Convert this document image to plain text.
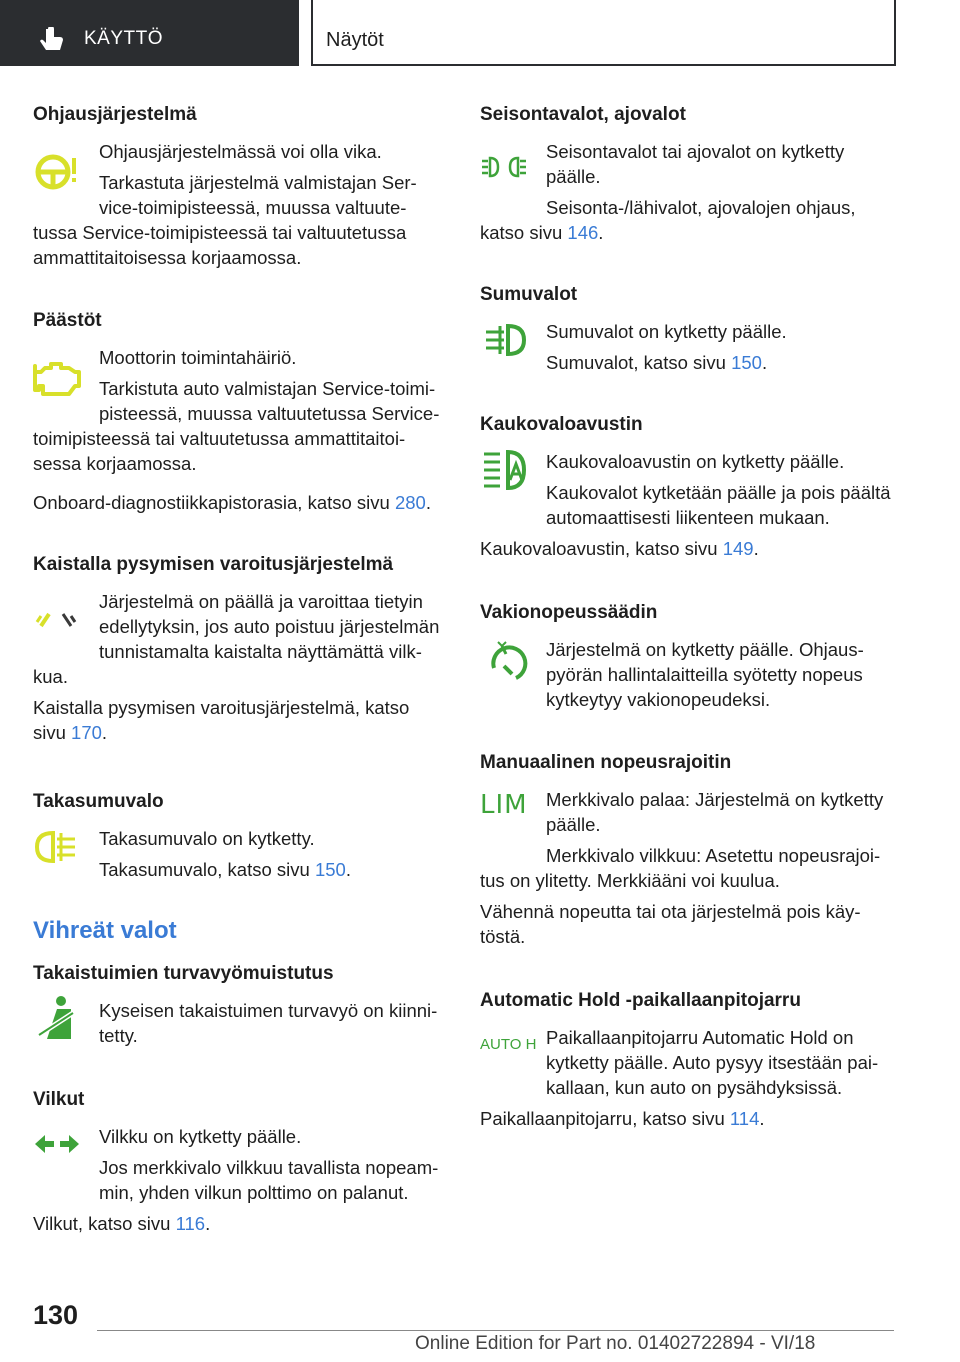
KÄYTTÖ	Näytöt
Ohjausjärjestelmä
Ohjausjärjestelmässä voi olla vika.
Tarkastuta järjestelmä valmistajan Ser‐
vice-toimipisteessä, muussa valtuute‐
tussa Service-toimipisteessä tai valtuutetussa
ammattitaitoisessa korjaamossa.
Päästöt
Moottorin toimintahäiriö.
Tarkistuta auto valmistajan Service-toimi‐
pisteessä, muussa valtuutetussa Service-
toimipisteessä tai valtuutetussa ammattitaitoi‐
sessa korjaamossa.
Onboard-diagnostiikkapistorasia, katso sivu 280.
Kaistalla pysymisen varoitusjärjestelmä
Järjestelmä on päällä ja varoittaa tietyin
edellytyksin, jos auto poistuu järjestelmän
tunnistamalta kaistalta näyttämättä vilk‐
kua.
Kaistalla pysymisen varoitusjärjestelmä, katso
sivu 170.
Takasumuvalo
Takasumuvalo on kytketty.
Takasumuvalo, katso sivu 150.
Vihreät valot
Takaistuimien turvavyömuistutus
Kyseisen takaistuimen turvavyö on kiinni‐
tetty.
Vilkut
Vilkku on kytketty päälle.
Jos merkkivalo vilkkuu tavallista nopeam‐
min, yhden vilkun polttimo on palanut.
Vilkut, katso sivu 116.
Seisontavalot, ajovalot
Seisontavalot tai ajovalot on kytketty
päälle.
Seisonta-/lähivalot, ajovalojen ohjaus,
katso sivu 146.
Sumuvalot
Sumuvalot on kytketty päälle.
Sumuvalot, katso sivu 150.
Kaukovaloavustin
Kaukovaloavustin on kytketty päälle.
Kaukovalot kytketään päälle ja pois päältä
automaattisesti liikenteen mukaan.
Kaukovaloavustin, katso sivu 149.
Vakionopeussäädin
Järjestelmä on kytketty päälle. Ohjaus‐
pyörän hallintalaitteilla syötetty nopeus
kytkeytyy vakionopeudeksi.
Manuaalinen nopeusrajoitin
LIM Merkkivalo palaa: Järjestelmä on kytketty
päälle.
Merkkivalo vilkkuu: Asetettu nopeusrajoi‐
tus on ylitetty. Merkkiääni voi kuulua.
Vähennä nopeutta tai ota järjestelmä pois käy‐
töstä.
Automatic Hold -paikallaanpitojarru
AUTO H Paikallaanpitojarru Automatic Hold on
kytketty päälle. Auto pysyy itsestään pai‐
kallaan, kun auto on pysähdyksissä.
Paikallaanpitojarru, katso sivu 114.
130
Online Edition for Part no. 01402722894 - VI/18
